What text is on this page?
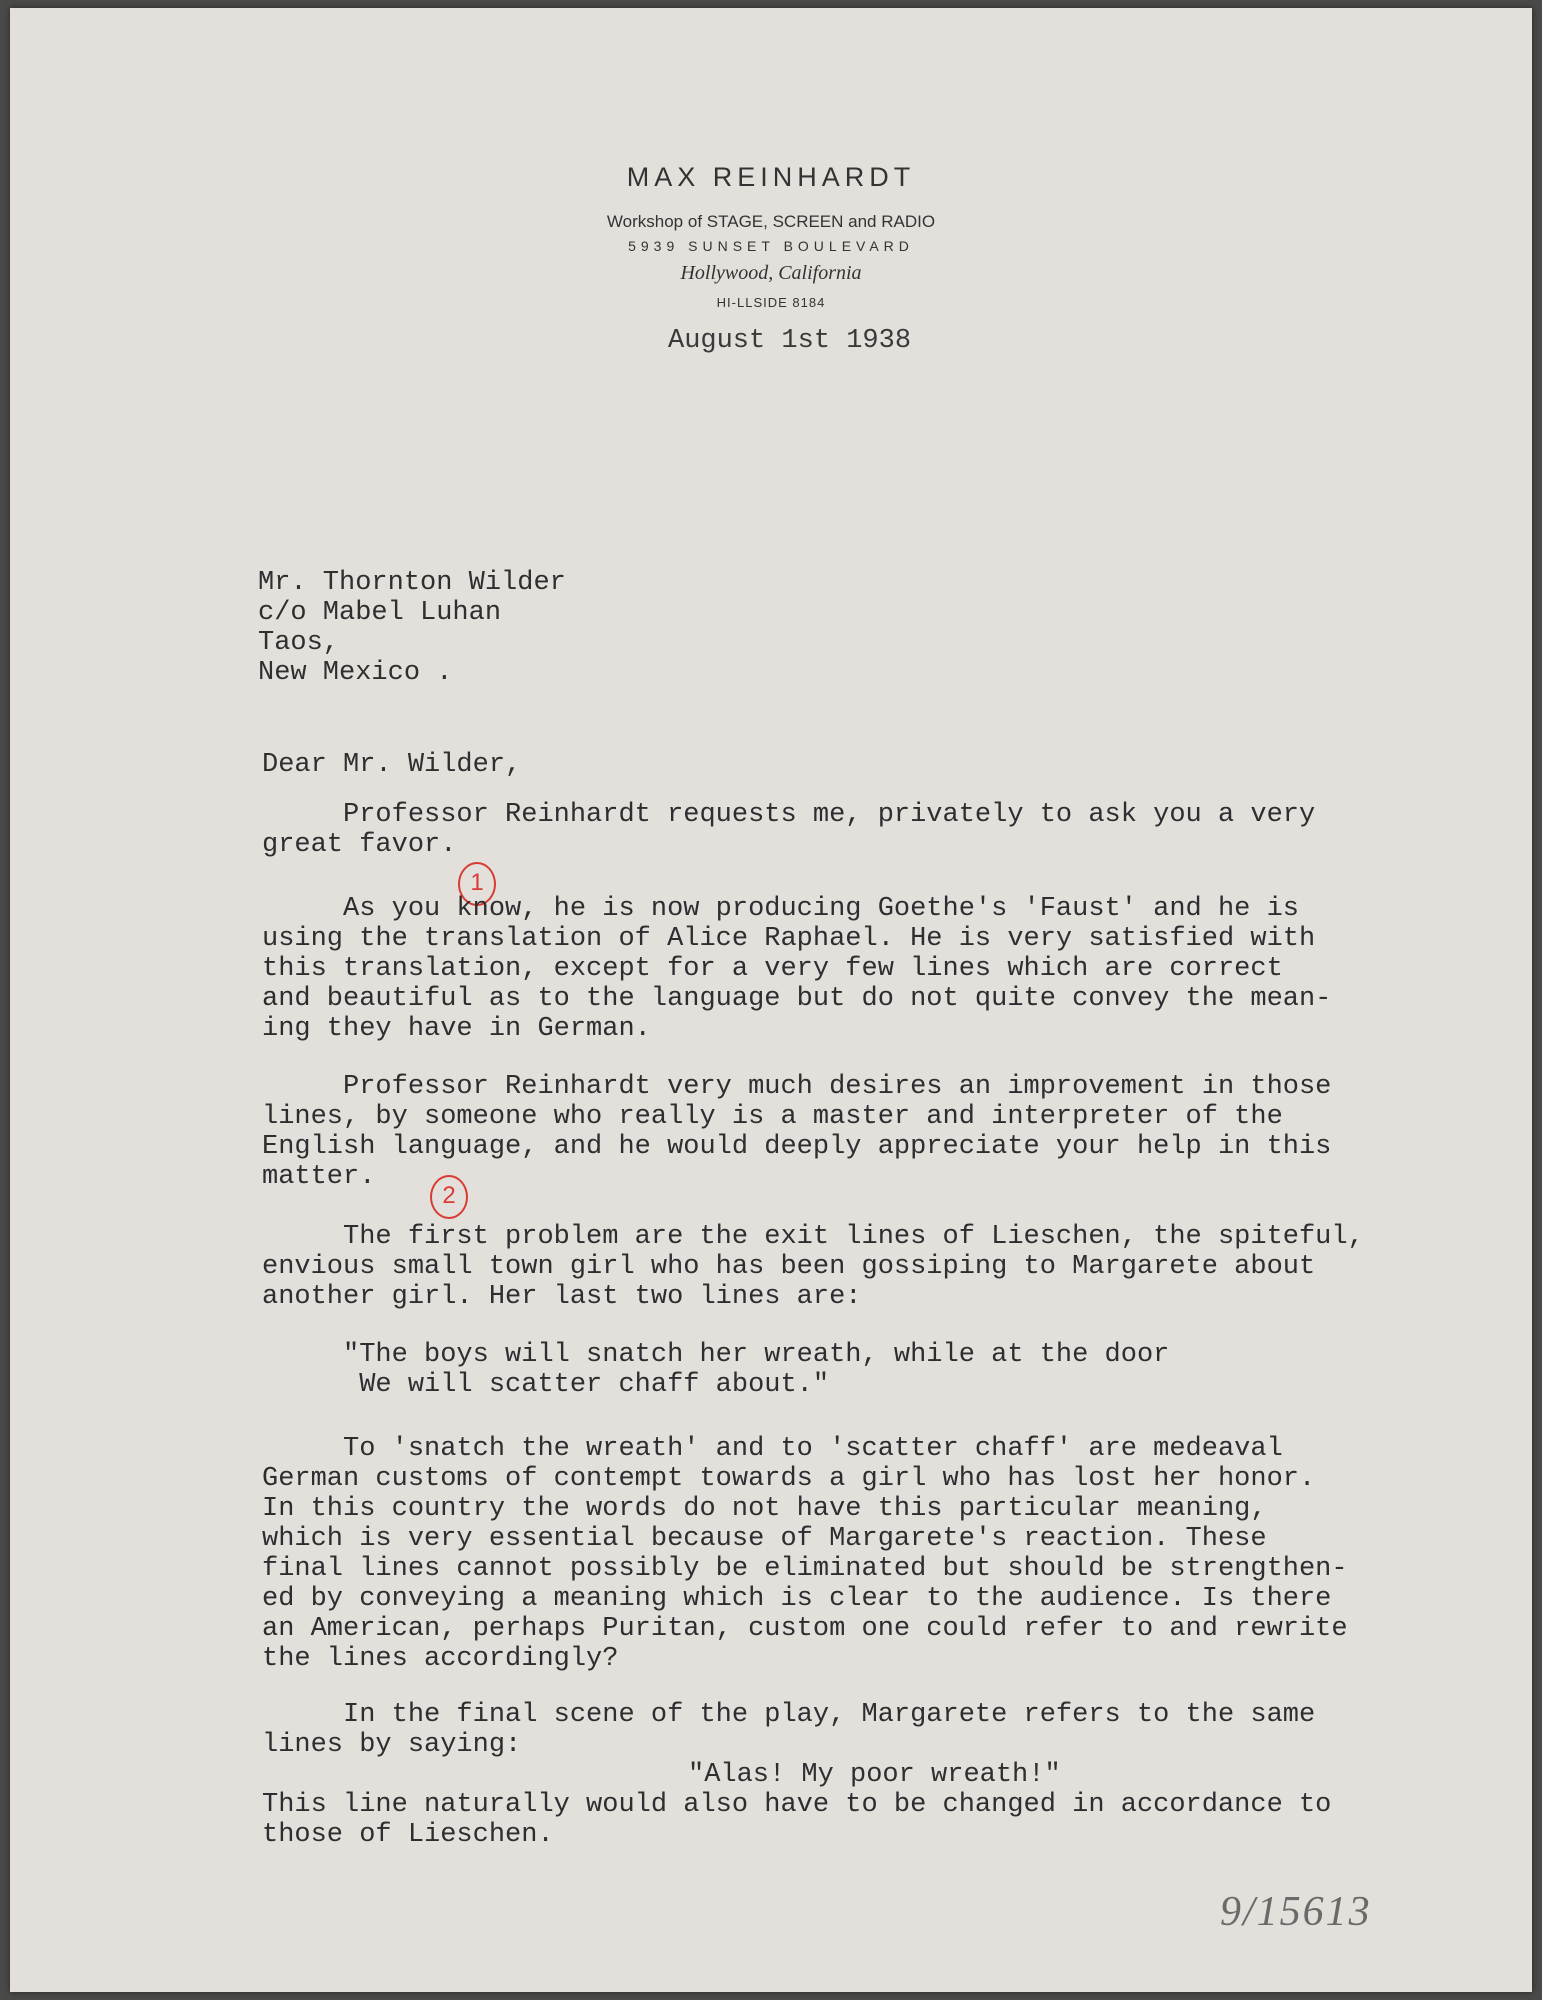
MAX REINHARDT
Workshop of STAGE, SCREEN and RADIO
5939 SUNSET BOULEVARD
Hollywood, California
HI-LLSIDE 8184
August 1st 1938
Mr. Thornton Wilder
c/o Mabel Luhan
Taos,
New Mexico .
Dear Mr. Wilder,
Professor Reinhardt requests me, privately to ask you a very
great favor.
1
As you know, he is now producing Goethe's 'Faust' and he is
using the translation of Alice Raphael. He is very satisfied with
this translation, except for a very few lines which are correct
and beautiful as to the language but do not quite convey the mean-
ing they have in German.
Professor Reinhardt very much desires an improvement in those
lines, by someone who really is a master and interpreter of the
English language, and he would deeply appreciate your help in this
matter.
2
The first problem are the exit lines of Lieschen, the spiteful,
envious small town girl who has been gossiping to Margarete about
another girl. Her last two lines are:
"The boys will snatch her wreath, while at the door
We will scatter chaff about."
To 'snatch the wreath' and to 'scatter chaff' are medeaval
German customs of contempt towards a girl who has lost her honor.
In this country the words do not have this particular meaning,
which is very essential because of Margarete's reaction. These
final lines cannot possibly be eliminated but should be strengthen-
ed by conveying a meaning which is clear to the audience. Is there
an American, perhaps Puritan, custom one could refer to and rewrite
the lines accordingly?
In the final scene of the play, Margarete refers to the same
lines by saying:
"Alas! My poor wreath!"
This line naturally would also have to be changed in accordance to
those of Lieschen.
9/15613
